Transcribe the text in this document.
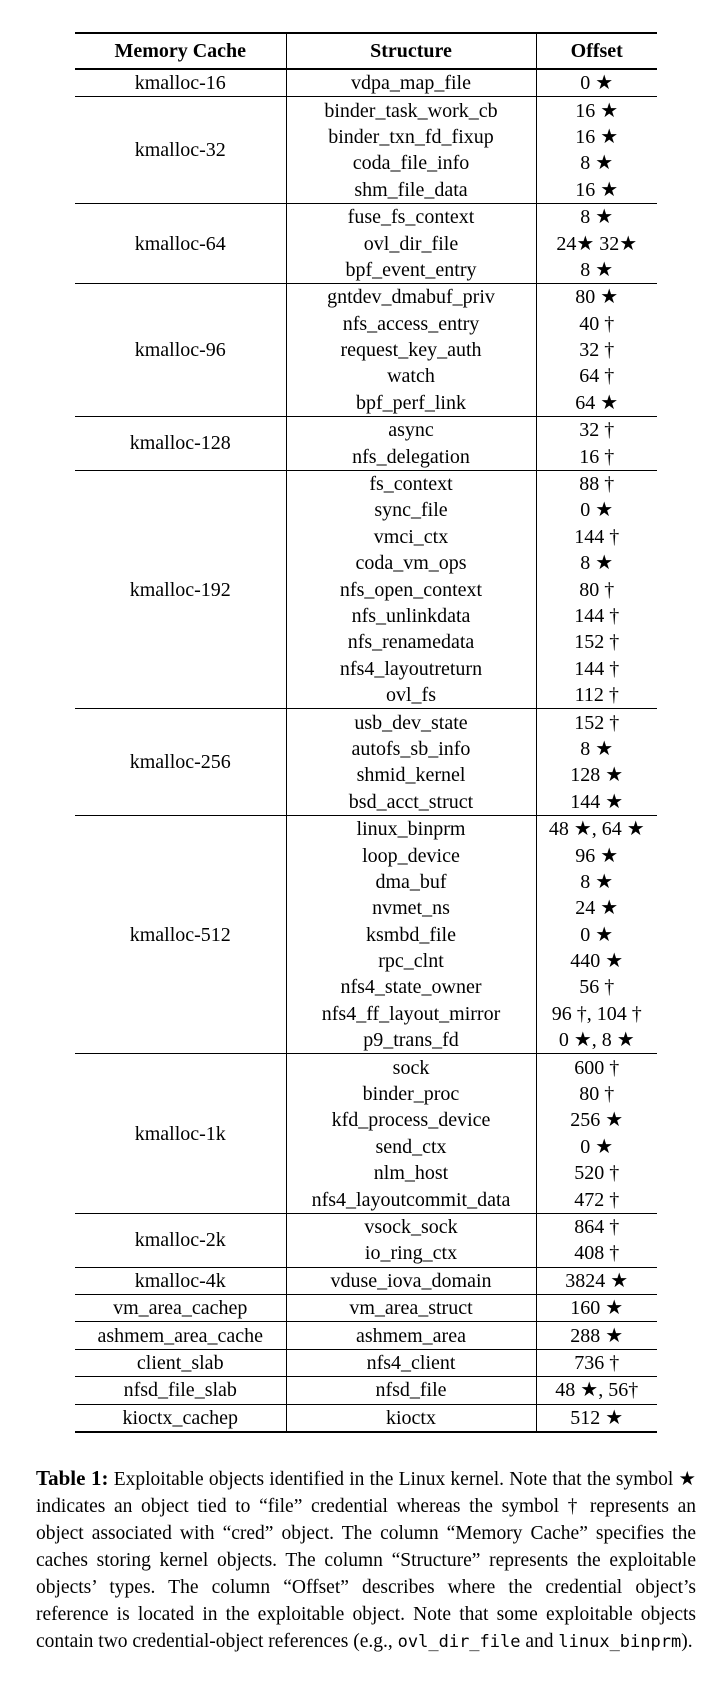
Memory Cache	Structure	Offset
kmalloc-16	vdpa_map_file	0 ★
kmalloc-32	binder_task_work_cb	16 ★
	binder_txn_fd_fixup	16 ★
	coda_file_info	8 ★
	shm_file_data	16 ★
kmalloc-64	fuse_fs_context	8 ★
	ovl_dir_file	24★ 32★
	bpf_event_entry	8 ★
kmalloc-96	gntdev_dmabuf_priv	80 ★
	nfs_access_entry	40 †
	request_key_auth	32 †
	watch	64 †
	bpf_perf_link	64 ★
kmalloc-128	async	32 †
	nfs_delegation	16 †
kmalloc-192	fs_context	88 †
	sync_file	0 ★
	vmci_ctx	144 †
	coda_vm_ops	8 ★
	nfs_open_context	80 †
	nfs_unlinkdata	144 †
	nfs_renamedata	152 †
	nfs4_layoutreturn	144 †
	ovl_fs	112 †
kmalloc-256	usb_dev_state	152 †
	autofs_sb_info	8 ★
	shmid_kernel	128 ★
	bsd_acct_struct	144 ★
kmalloc-512	linux_binprm	48 ★, 64 ★
	loop_device	96 ★
	dma_buf	8 ★
	nvmet_ns	24 ★
	ksmbd_file	0 ★
	rpc_clnt	440 ★
	nfs4_state_owner	56 †
	nfs4_ff_layout_mirror	96 †, 104 †
	p9_trans_fd	0 ★, 8 ★
kmalloc-1k	sock	600 †
	binder_proc	80 †
	kfd_process_device	256 ★
	send_ctx	0 ★
	nlm_host	520 †
	nfs4_layoutcommit_data	472 †
kmalloc-2k	vsock_sock	864 †
	io_ring_ctx	408 †
kmalloc-4k	vduse_iova_domain	3824 ★
vm_area_cachep	vm_area_struct	160 ★
ashmem_area_cache	ashmem_area	288 ★
client_slab	nfs4_client	736 †
nfsd_file_slab	nfsd_file	48 ★, 56†
kioctx_cachep	kioctx	512 ★
Table 1: Exploitable objects identified in the Linux kernel. Note that the symbol ★ indicates an object tied to “file” credential whereas the symbol † represents an object associated with “cred” object. The column “Memory Cache” specifies the caches storing kernel objects. The column “Structure” represents the exploitable objects’ types. The column “Offset” describes where the credential object’s reference is located in the exploitable object. Note that some exploitable objects contain two credential-object references (e.g., ovl_dir_file and linux_binprm).
